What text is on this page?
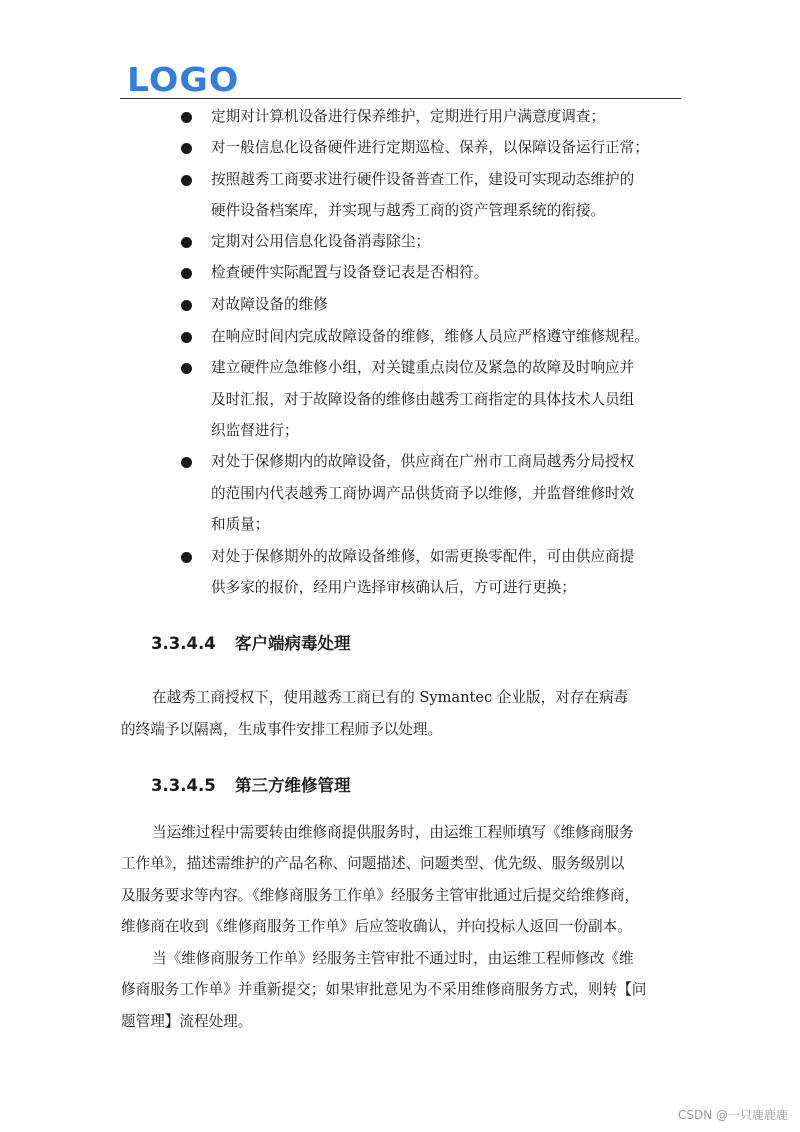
LOGO
定期对计算机设备进行保养维护，定期进行用户满意度调查；
对一般信息化设备硬件进行定期巡检、保养，以保障设备运行正常；
按照越秀工商要求进行硬件设备普查工作，建设可实现动态维护的
硬件设备档案库，并实现与越秀工商的资产管理系统的衔接。
定期对公用信息化设备消毒除尘；
检查硬件实际配置与设备登记表是否相符。
对故障设备的维修
在响应时间内完成故障设备的维修，维修人员应严格遵守维修规程。
建立硬件应急维修小组，对关键重点岗位及紧急的故障及时响应并
及时汇报，对于故障设备的维修由越秀工商指定的具体技术人员组
织监督进行；
对处于保修期内的故障设备，供应商在广州市工商局越秀分局授权
的范围内代表越秀工商协调产品供货商予以维修，并监督维修时效
和质量；
对处于保修期外的故障设备维修，如需更换零配件，可由供应商提
供多家的报价，经用户选择审核确认后，方可进行更换；
3.3.4.4 客户端病毒处理
在越秀工商授权下，使用越秀工商已有的 Symantec 企业版，对存在病毒
的终端予以隔离，生成事件安排工程师予以处理。
3.3.4.5 第三方维修管理
当运维过程中需要转由维修商提供服务时，由运维工程师填写《维修商服务
工作单》，描述需维护的产品名称、问题描述、问题类型、优先级、服务级别以
及服务要求等内容。《维修商服务工作单》经服务主管审批通过后提交给维修商，
维修商在收到《维修商服务工作单》后应签收确认，并向投标人返回一份副本。
当《维修商服务工作单》经服务主管审批不通过时，由运维工程师修改《维
修商服务工作单》并重新提交；如果审批意见为不采用维修商服务方式，则转【问
题管理】流程处理。
CSDN @一只鹿鹿鹿
